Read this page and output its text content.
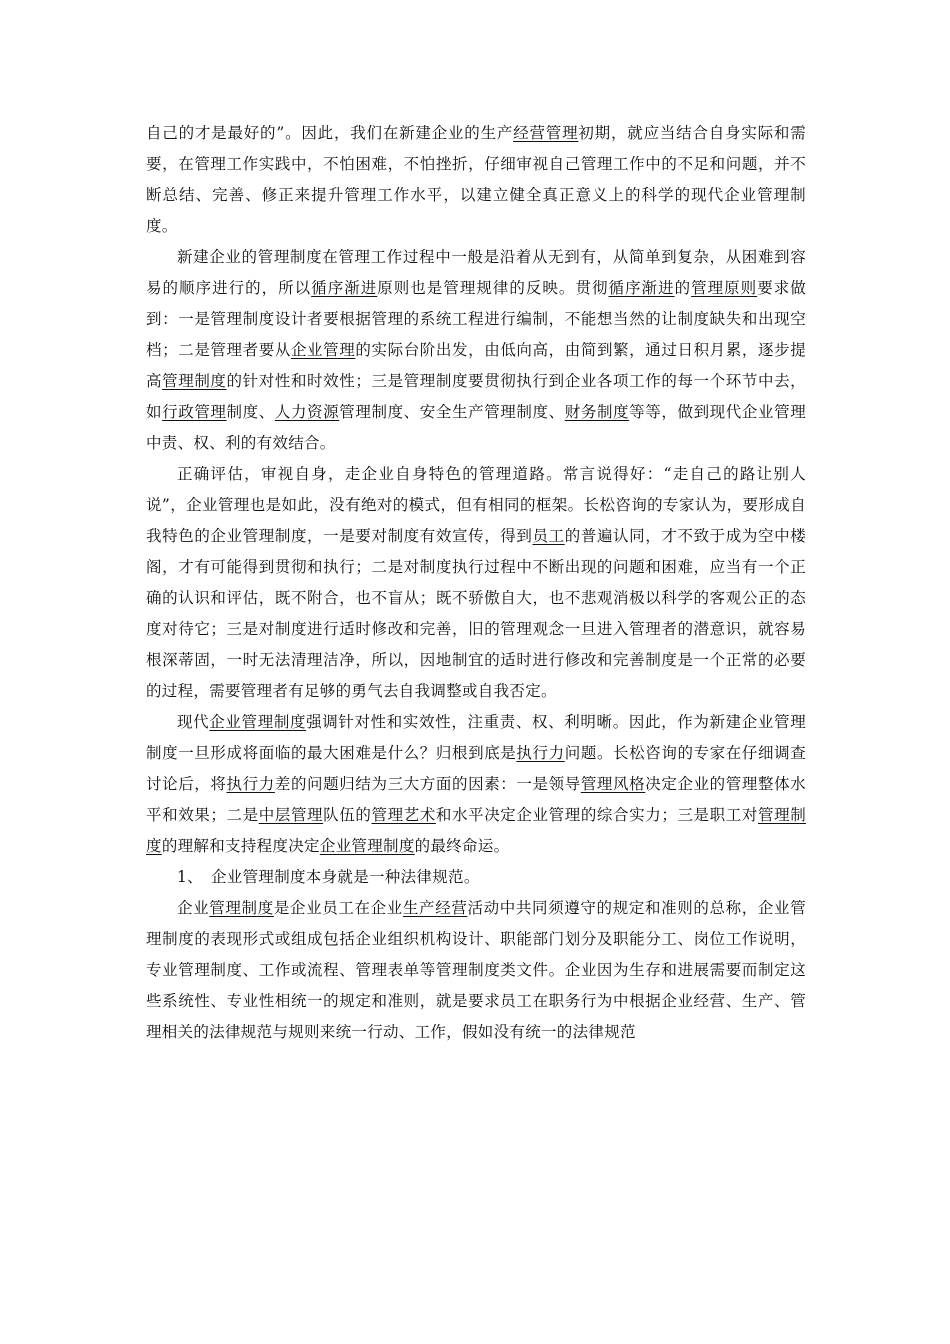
自己的才是最好的”。因此，我们在新建企业的生产经营管理初期，就应当结合自身实际和需要，在管理工作实践中，不怕困难，不怕挫折，仔细审视自己管理工作中的不足和问题，并不断总结、完善、修正来提升管理工作水平，以建立健全真正意义上的科学的现代企业管理制度。

新建企业的管理制度在管理工作过程中一般是沿着从无到有，从简单到复杂，从困难到容易的顺序进行的，所以循序渐进原则也是管理规律的反映。贯彻循序渐进的管理原则要求做到：一是管理制度设计者要根据管理的系统工程进行编制，不能想当然的让制度缺失和出现空档；二是管理者要从企业管理的实际台阶出发，由低向高，由简到繁，通过日积月累，逐步提高管理制度的针对性和时效性；三是管理制度要贯彻执行到企业各项工作的每一个环节中去，如行政管理制度、人力资源管理制度、安全生产管理制度、财务制度等等，做到现代企业管理中责、权、利的有效结合。

正确评估，审视自身，走企业自身特色的管理道路。常言说得好：“走自己的路让别人说”，企业管理也是如此，没有绝对的模式，但有相同的框架。长松咨询的专家认为，要形成自我特色的企业管理制度，一是要对制度有效宣传，得到员工的普遍认同，才不致于成为空中楼阁，才有可能得到贯彻和执行；二是对制度执行过程中不断出现的问题和困难，应当有一个正确的认识和评估，既不附合，也不盲从；既不骄傲自大，也不悲观消极以科学的客观公正的态度对待它；三是对制度进行适时修改和完善，旧的管理观念一旦进入管理者的潜意识，就容易根深蒂固，一时无法清理洁净，所以，因地制宜的适时进行修改和完善制度是一个正常的必要的过程，需要管理者有足够的勇气去自我调整或自我否定。

现代企业管理制度强调针对性和实效性，注重责、权、利明晰。因此，作为新建企业管理制度一旦形成将面临的最大困难是什么？归根到底是执行力问题。长松咨询的专家在仔细调查讨论后，将执行力差的问题归结为三大方面的因素：一是领导管理风格决定企业的管理整体水平和效果；二是中层管理队伍的管理艺术和水平决定企业管理的综合实力；三是职工对管理制度的理解和支持程度决定企业管理制度的最终命运。

1、　企业管理制度本身就是一种法律规范。

企业管理制度是企业员工在企业生产经营活动中共同须遵守的规定和准则的总称，企业管理制度的表现形式或组成包括企业组织机构设计、职能部门划分及职能分工、岗位工作说明，专业管理制度、工作或流程、管理表单等管理制度类文件。企业因为生存和进展需要而制定这些系统性、专业性相统一的规定和准则，就是要求员工在职务行为中根据企业经营、生产、管理相关的法律规范与规则来统一行动、工作，假如没有统一的法律规范
